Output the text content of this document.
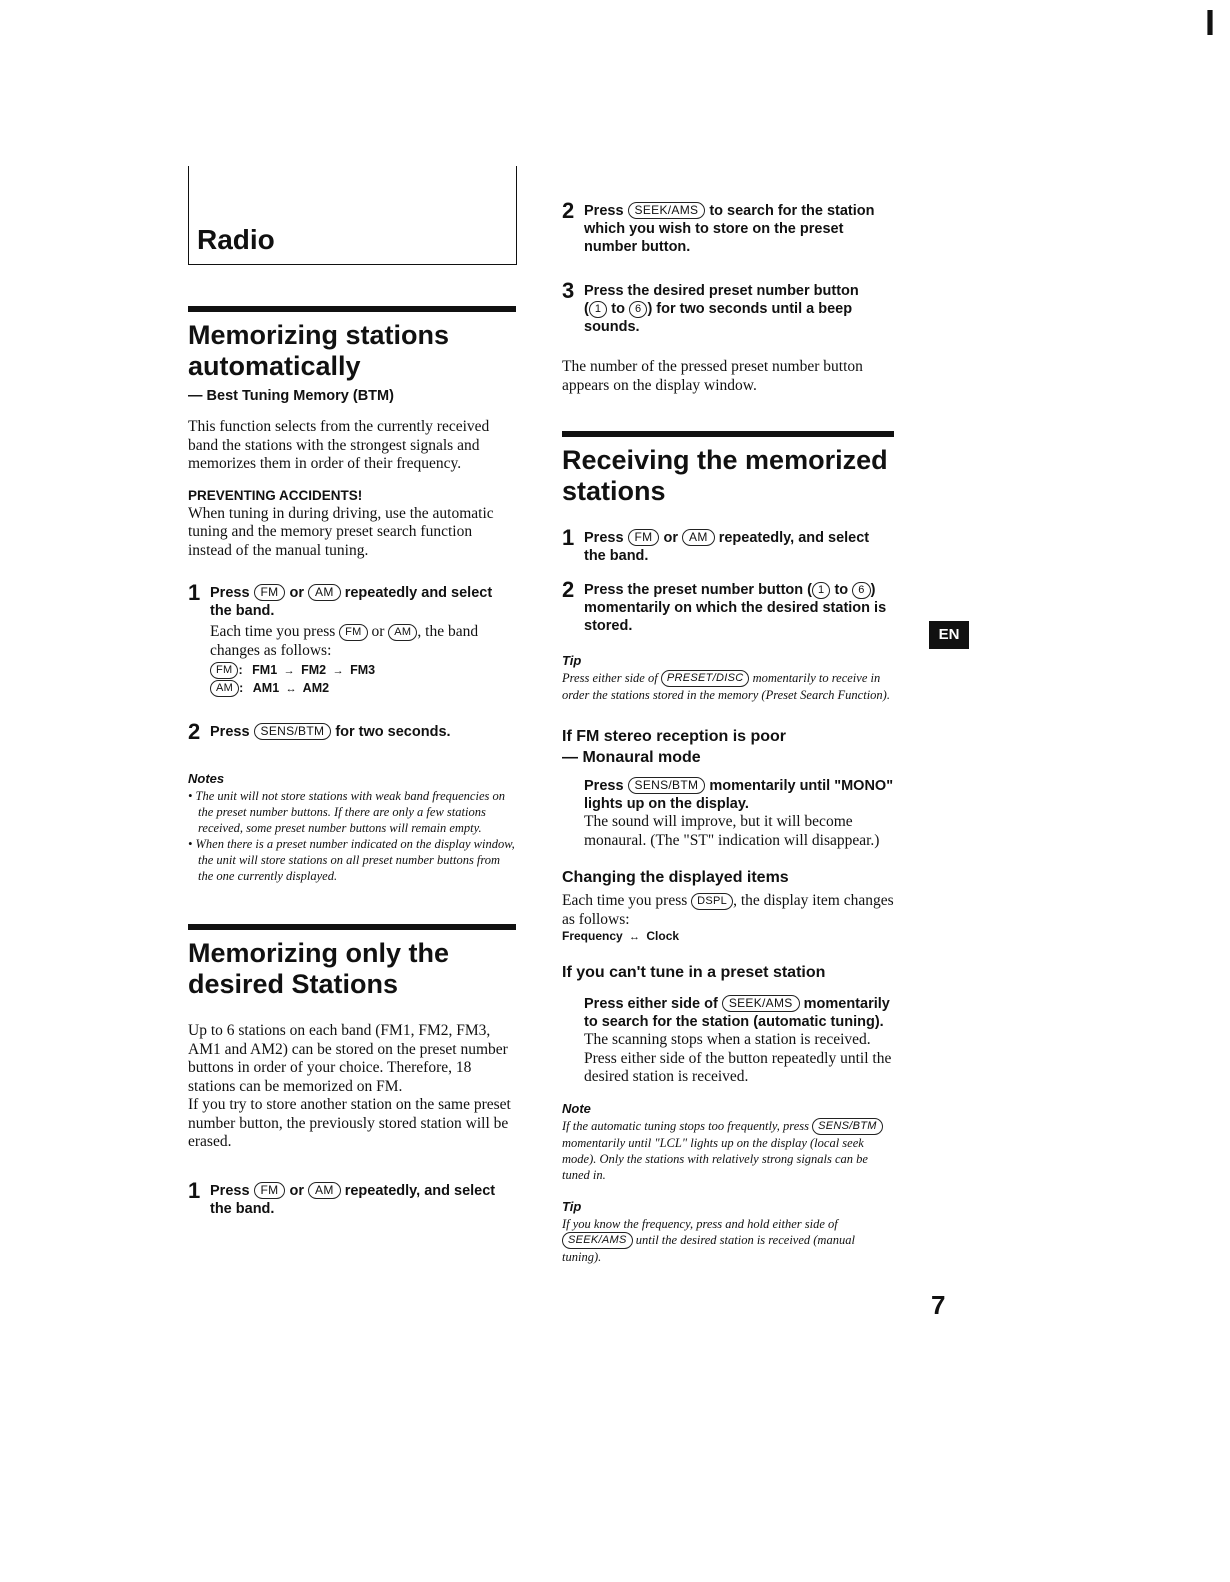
I
Radio
Memorizing stations
automatically
— Best Tuning Memory (BTM)

This function selects from the currently received band the stations with the strongest signals and memorizes them in order of their frequency.

PREVENTING ACCIDENTS!

When tuning in during driving, use the automatic tuning and the memory preset search function instead of the manual tuning.

1 Press FM or AM repeatedly and select the band.
Each time you press FM or AM , the band changes as follows:
FM : FM1 → FM2 → FM3
AM : AM1 ↔ AM2
2 Press SENS/BTM for two seconds.
Notes
• The unit will not store stations with weak band frequencies on the preset number buttons. If there are only a few stations received, some preset number buttons will remain empty.
• When there is a preset number indicated on the display window, the unit will store stations on all preset number buttons from the one currently displayed.
Memorizing only the
desired Stations

Up to 6 stations on each band (FM1, FM2, FM3, AM1 and AM2) can be stored on the preset number buttons in order of your choice. Therefore, 18 stations can be memorized on FM.

If you try to store another station on the same preset number button, the previously stored station will be erased.

1 Press FM or AM repeatedly, and select the band.
2 Press SEEK/AMS to search for the station which you wish to store on the preset number button.
3 Press the desired preset number button
( 1 to 6 ) for two seconds until a beep sounds.

The number of the pressed preset number button appears on the display window.

Receiving the memorized
stations
1 Press FM or AM repeatedly, and select the band.
2 Press the preset number button ( 1 to 6 ) momentarily on which the desired station is stored.
Tip
Press either side of PRESET/DISC momentarily to receive in order the stations stored in the memory (Preset Search Function).
If FM stereo reception is poor
— Monaural mode
Press SENS/BTM momentarily until "MONO" lights up on the display.
The sound will improve, but it will become monaural. (The "ST" indication will disappear.)
Changing the displayed items
Each time you press DSPL , the display item changes as follows:
Frequency ↔ Clock
If you can't tune in a preset station
Press either side of SEEK/AMS momentarily to search for the station (automatic tuning).
The scanning stops when a station is received. Press either side of the button repeatedly until the desired station is received.
Note
If the automatic tuning stops too frequently, press SENS/BTM momentarily until "LCL" lights up on the display (local seek mode). Only the stations with relatively strong signals can be tuned in.
Tip
If you know the frequency, press and hold either side of SEEK/AMS until the desired station is received (manual tuning).
EN
7
